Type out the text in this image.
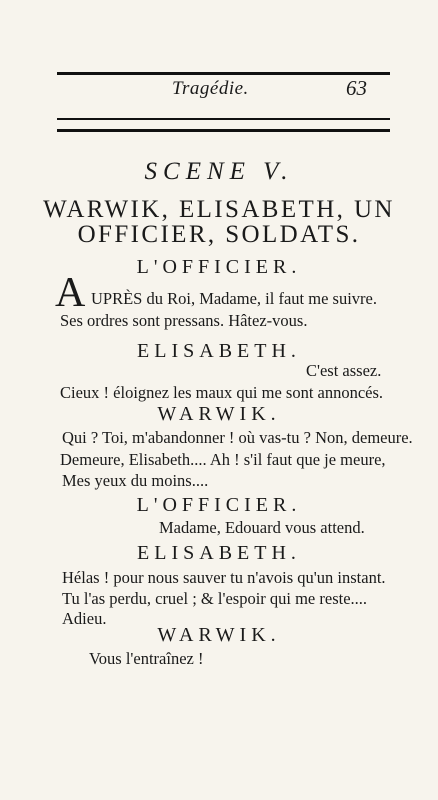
Tragédie.	63
SCENE V.
WARWIK, ELISABETH, UN
OFFICIER, SOLDATS.
L'OFFICIER.
A UPRÈS du Roi, Madame, il faut me suivre.
Ses ordres sont pressans. Hâtez-vous.
ELISABETH.
C'est assez.
Cieux ! éloignez les maux qui me sont annoncés.
WARWIK.
Qui ? Toi, m'abandonner ! où vas-tu ? Non, demeure.
Demeure, Elisabeth.... Ah ! s'il faut que je meure,
Mes yeux du moins....
L'OFFICIER.
Madame, Edouard vous attend.
ELISABETH.
Hélas ! pour nous sauver tu n'avois qu'un instant.
Tu l'as perdu, cruel ; & l'espoir qui me reste....
Adieu.
WARWIK.
Vous l'entraînez !
